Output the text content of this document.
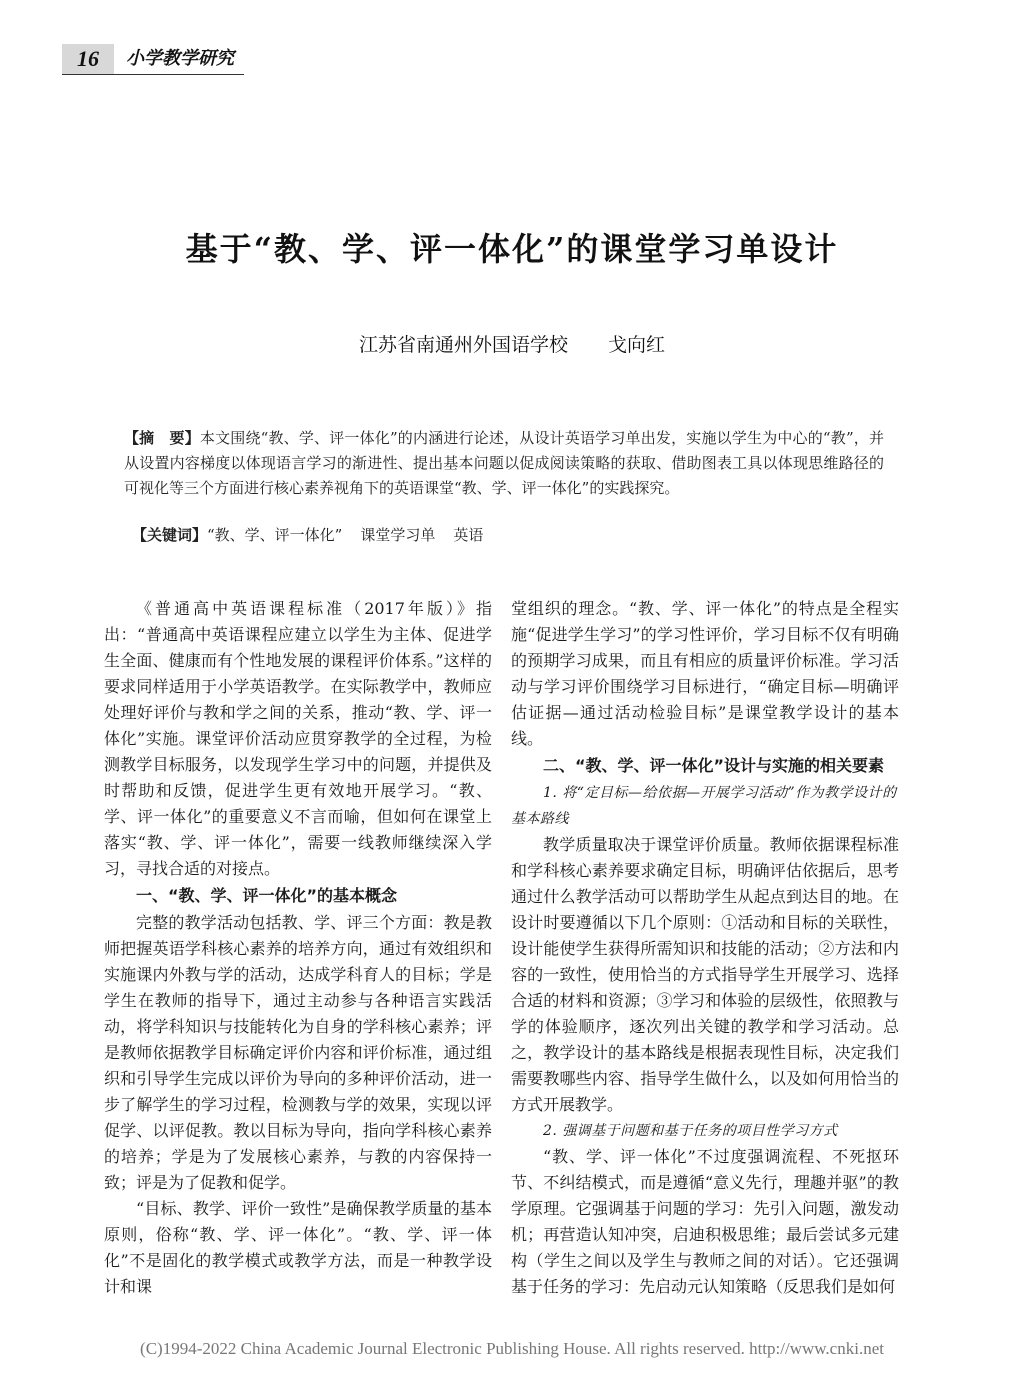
16	小学教学研究
基于“教、学、评一体化”的课堂学习单设计
江苏省南通州外国语学校 戈向红

【摘　要】本文围绕“教、学、评一体化”的内涵进行论述，从设计英语学习单出发，实施以学生为中心的“教”，并从设置内容梯度以体现语言学习的渐进性、提出基本问题以促成阅读策略的获取、借助图表工具以体现思维路径的可视化等三个方面进行核心素养视角下的英语课堂“教、学、评一体化”的实践探究。

【关键词】“教、学、评一体化” 课堂学习单 英语

《普通高中英语课程标准（2017年版）》指出：“普通高中英语课程应建立以学生为主体、促进学生全面、健康而有个性地发展的课程评价体系。”这样的要求同样适用于小学英语教学。在实际教学中，教师应处理好评价与教和学之间的关系，推动“教、学、评一体化”实施。课堂评价活动应贯穿教学的全过程，为检测教学目标服务，以发现学生学习中的问题，并提供及时帮助和反馈，促进学生更有效地开展学习。“教、学、评一体化”的重要意义不言而喻，但如何在课堂上落实“教、学、评一体化”，需要一线教师继续深入学习，寻找合适的对接点。

一、“教、学、评一体化”的基本概念

完整的教学活动包括教、学、评三个方面：教是教师把握英语学科核心素养的培养方向，通过有效组织和实施课内外教与学的活动，达成学科育人的目标；学是学生在教师的指导下，通过主动参与各种语言实践活动，将学科知识与技能转化为自身的学科核心素养；评是教师依据教学目标确定评价内容和评价标准，通过组织和引导学生完成以评价为导向的多种评价活动，进一步了解学生的学习过程，检测教与学的效果，实现以评促学、以评促教。教以目标为导向，指向学科核心素养的培养；学是为了发展核心素养，与教的内容保持一致；评是为了促教和促学。

“目标、教学、评价一致性”是确保教学质量的基本原则，俗称“教、学、评一体化”。“教、学、评一体化”不是固化的教学模式或教学方法，而是一种教学设计和课

堂组织的理念。“教、学、评一体化”的特点是全程实施“促进学生学习”的学习性评价，学习目标不仅有明确的预期学习成果，而且有相应的质量评价标准。学习活动与学习评价围绕学习目标进行，“确定目标—明确评估证据—通过活动检验目标”是课堂教学设计的基本线。

二、“教、学、评一体化”设计与实施的相关要素
1. 将“定目标—给依据—开展学习活动”作为教学设计的基本路线

教学质量取决于课堂评价质量。教师依据课程标准和学科核心素养要求确定目标，明确评估依据后，思考通过什么教学活动可以帮助学生从起点到达目的地。在设计时要遵循以下几个原则：①活动和目标的关联性，设计能使学生获得所需知识和技能的活动；②方法和内容的一致性，使用恰当的方式指导学生开展学习、选择合适的材料和资源；③学习和体验的层级性，依照教与学的体验顺序，逐次列出关键的教学和学习活动。总之，教学设计的基本路线是根据表现性目标，决定我们需要教哪些内容、指导学生做什么，以及如何用恰当的方式开展教学。

2. 强调基于问题和基于任务的项目性学习方式

“教、学、评一体化”不过度强调流程、不死抠环节、不纠结模式，而是遵循“意义先行，理趣并驱”的教学原理。它强调基于问题的学习：先引入问题，激发动机；再营造认知冲突，启迪积极思维；最后尝试多元建构（学生之间以及学生与教师之间的对话）。它还强调基于任务的学习：先启动元认知策略（反思我们是如何

(C)1994-2022 China Academic Journal Electronic Publishing House. All rights reserved. http://www.cnki.net
